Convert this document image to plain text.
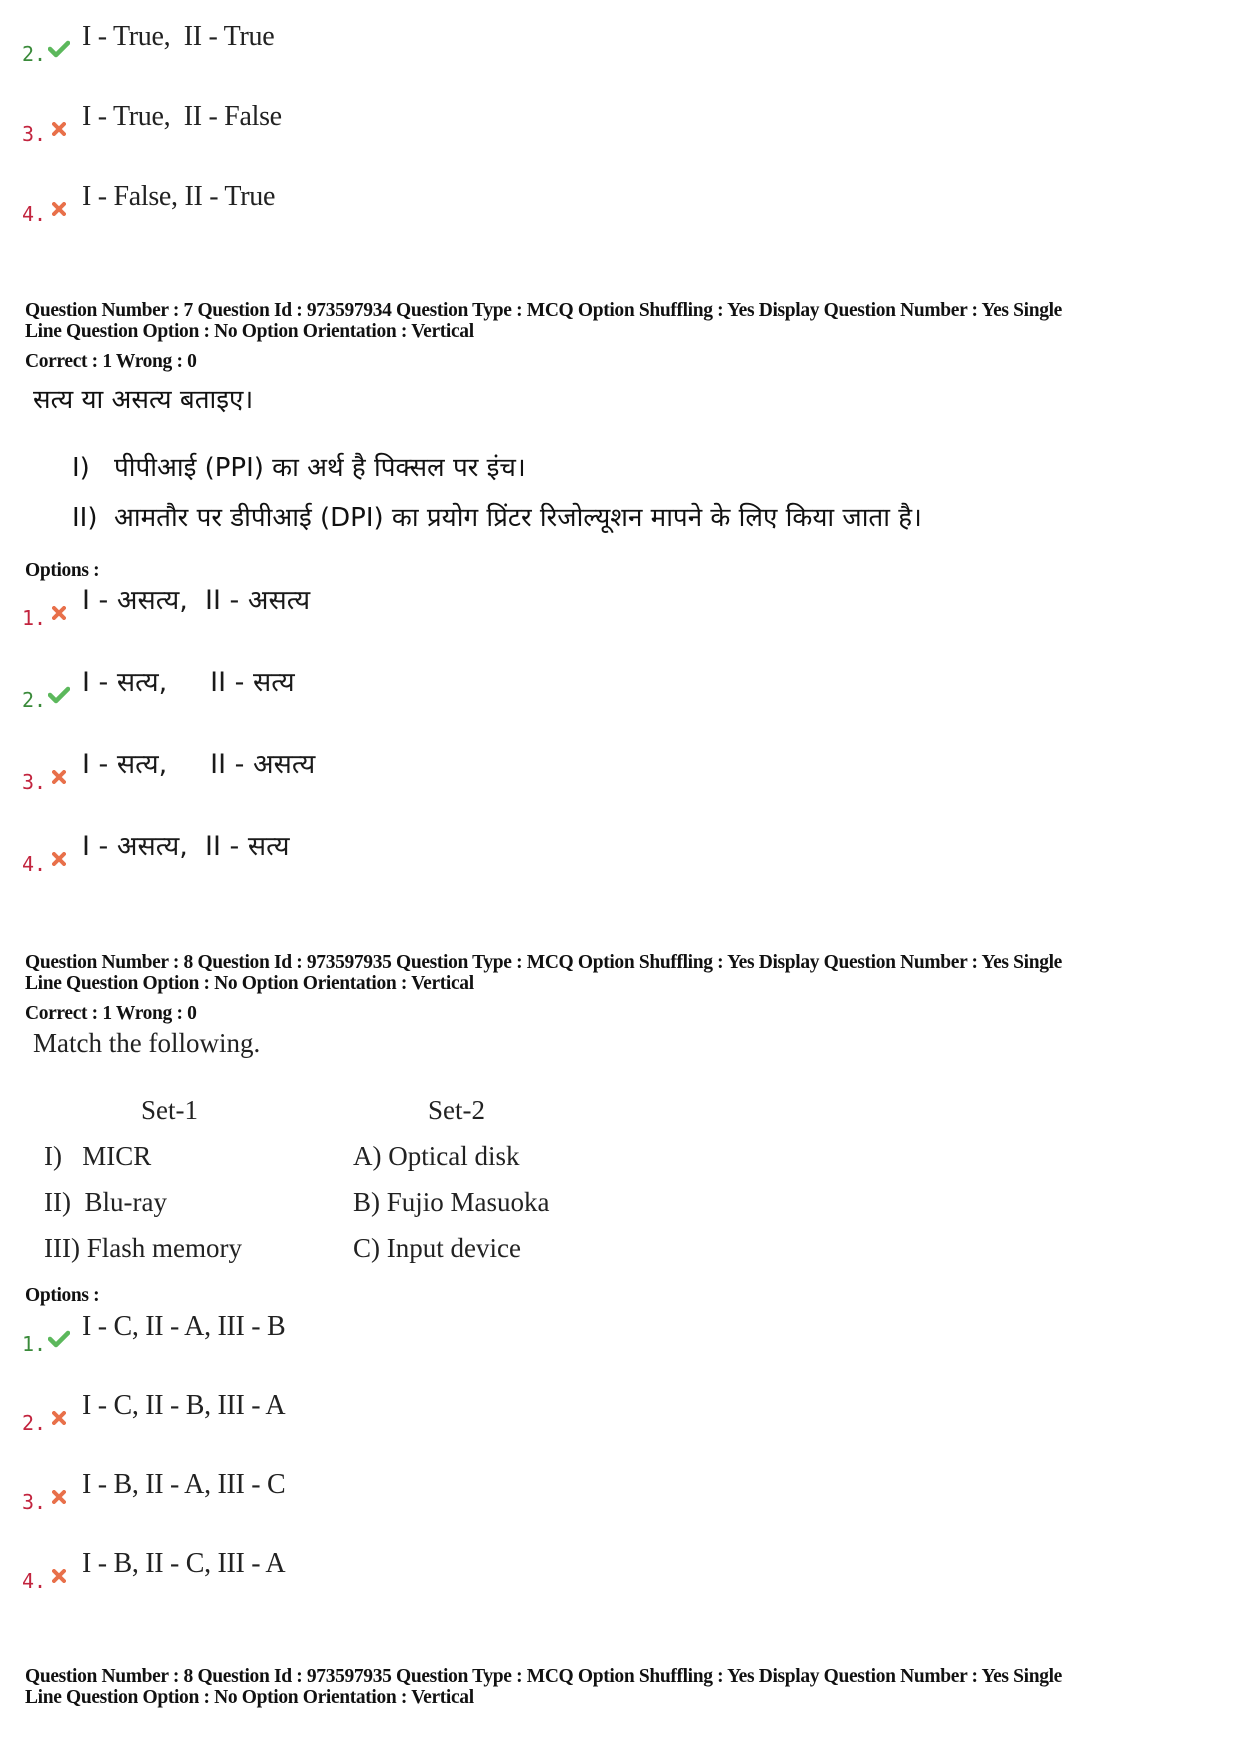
2.
I - True,  II - True
3.
I - True,  II - False
4.
I - False, II - True
Question Number : 7 Question Id : 973597934 Question Type : MCQ Option Shuffling : Yes Display Question Number : Yes Single
Line Question Option : No Option Orientation : Vertical
Correct : 1 Wrong : 0
सत्य या असत्य बताइए।
I) पीपीआई (PPI) का अर्थ है पिक्सल पर इंच।
II) आमतौर पर डीपीआई (DPI) का प्रयोग प्रिंटर रिजोल्यूशन मापने के लिए किया जाता है।
Options :
1.
I - असत्य,  II - असत्य
2.
I - सत्य,     II - सत्य
3.
I - सत्य,     II - असत्य
4.
I - असत्य,  II - सत्य
Question Number : 8 Question Id : 973597935 Question Type : MCQ Option Shuffling : Yes Display Question Number : Yes Single
Line Question Option : No Option Orientation : Vertical
Correct : 1 Wrong : 0
Match the following.
Set-1	Set-2
I)   MICR
II)  Blu-ray
III) Flash memory
A) Optical disk
B) Fujio Masuoka
C) Input device
Options :
1.
I - C, II - A, III - B
2.
I - C, II - B, III - A
3.
I - B, II - A, III - C
4.
I - B, II - C, III - A
Question Number : 8 Question Id : 973597935 Question Type : MCQ Option Shuffling : Yes Display Question Number : Yes Single
Line Question Option : No Option Orientation : Vertical
